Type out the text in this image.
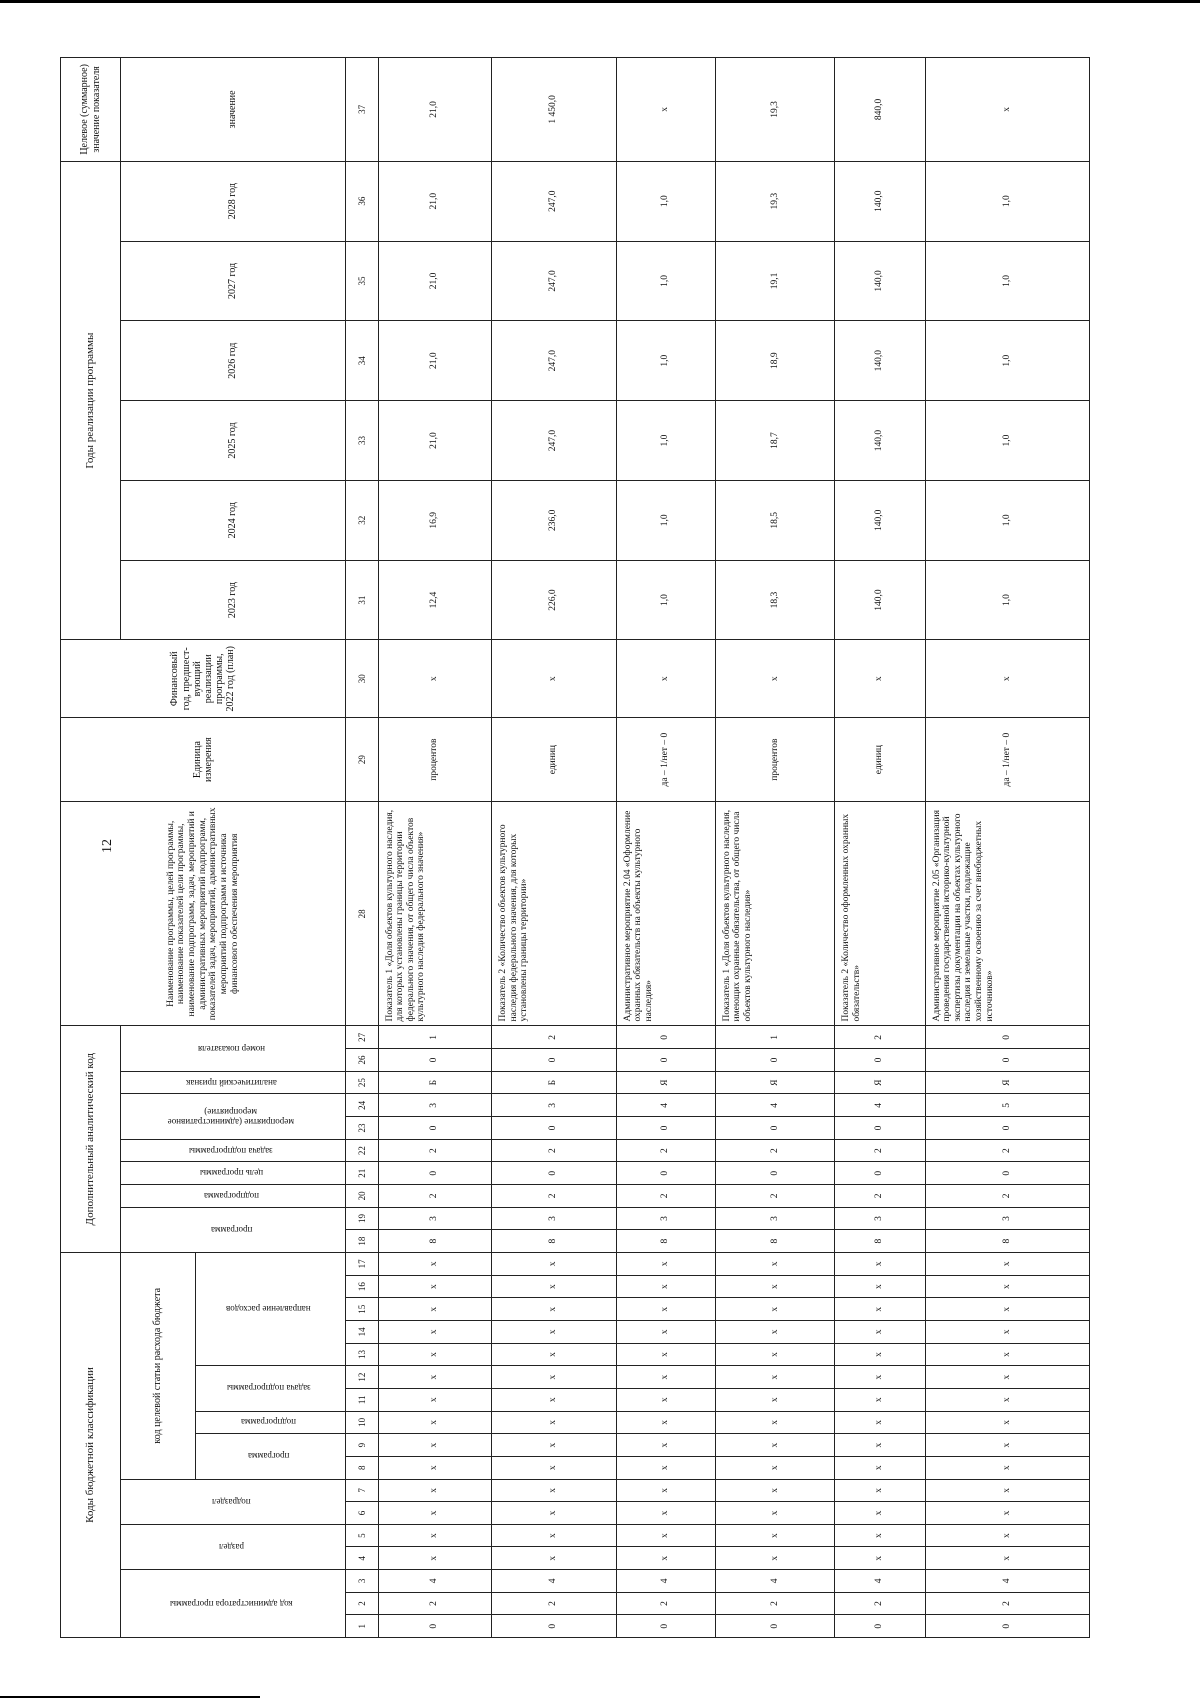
12
Коды бюджетной классификации																	Дополнительный аналитический код										Наименование программы, целей программы, наименование показателей цели программы, наименование подпрограмм, задач, мероприятий и административных мероприятий подпрограмм, показателей задач, мероприятий, административных мероприятий подпрограмм и источника финансового обеспечения мероприятия	Единица измерения	Финансовый год, предшест-вующий реализации программы, 2022 год (план)	Годы реализации программы						Целевое (суммарное) значение показателя
код администратора программы			раздел		подраздел		код целевой статьи расхода бюджета										программа		подпрограмма	цель программы	задача подпрограммы	мероприятие (административное мероприятие)		аналитический признак	номер показателя					2023 год	2024 год	2025 год	2026 год	2027 год	2028 год	значение
							программа		подпрограмма	задача подпрограммы		направление расходов																								
1	2	3	4	5	6	7	8	9	10	11	12	13	14	15	16	17	18	19	20	21	22	23	24	25	26	27	28	29	30	31	32	33	34	35	36	37
0	2	4	х	х	х	х	х	х	х	х	х	х	х	х	х	х	8	3	2	0	2	0	3	Б	0	1	Показатель 1 «Доля объектов культурного наследия, для которых установлены границы территории федерального значения, от общего числа объектов культурного наследия федерального значения»	процентов	х	12,4	16,9	21,0	21,0	21,0	21,0	21,0
0	2	4	х	х	х	х	х	х	х	х	х	х	х	х	х	х	8	3	2	0	2	0	3	Б	0	2	Показатель 2 «Количество объектов культурного наследия федерального значения, для которых установлены границы территории»	единиц	х	226,0	236,0	247,0	247,0	247,0	247,0	1 450,0
0	2	4	х	х	х	х	х	х	х	х	х	х	х	х	х	х	8	3	2	0	2	0	4	Я	0	0	Административное мероприятие 2.04 «Оформление охранных обязательств на объекты культурного наследия»	да – 1/нет – 0	х	1,0	1,0	1,0	1,0	1,0	1,0	х
0	2	4	х	х	х	х	х	х	х	х	х	х	х	х	х	х	8	3	2	0	2	0	4	Я	0	1	Показатель 1 «Доля объектов культурного наследия, имеющих охранные обязательства, от общего числа объектов культурного наследия»	процентов	х	18,3	18,5	18,7	18,9	19,1	19,3	19,3
0	2	4	х	х	х	х	х	х	х	х	х	х	х	х	х	х	8	3	2	0	2	0	4	Я	0	2	Показатель 2 «Количество оформленных охранных обязательств»	единиц	х	140,0	140,0	140,0	140,0	140,0	140,0	840,0
0	2	4	х	х	х	х	х	х	х	х	х	х	х	х	х	х	8	3	2	0	2	0	5	Я	0	0	Административное мероприятие 2.05 «Организация проведения государственной историко-культурной экспертизы документации на объектах культурного наследия и земельные участки, подлежащие хозяйственному освоению за счет внебюджетных источников»	да – 1/нет – 0	х	1,0	1,0	1,0	1,0	1,0	1,0	х
